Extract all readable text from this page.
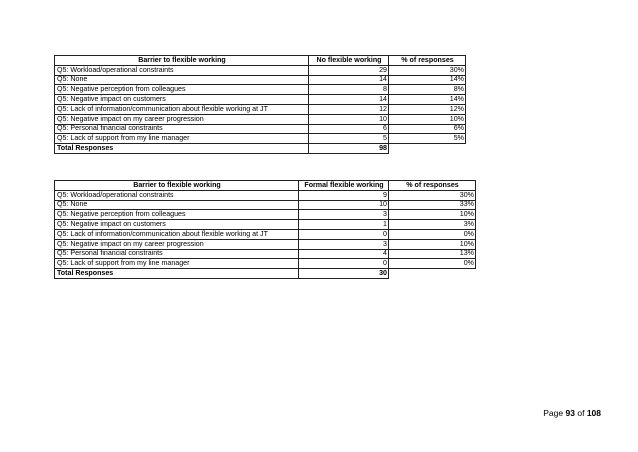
Barrier to flexible working	No flexible working	% of responses
Q5: Workload/operational constraints	29	30%
Q5: None	14	14%
Q5: Negative perception from colleagues	8	8%
Q5: Negative impact on customers	14	14%
Q5: Lack of information/communication about flexible working at JT	12	12%
Q5: Negative impact on my career progression	10	10%
Q5: Personal financial constraints	6	6%
Q5: Lack of support from my line manager	5	5%
Total Responses	98	
Barrier to flexible working	Formal flexible working	% of responses
Q5: Workload/operational constraints	9	30%
Q5: None	10	33%
Q5: Negative perception from colleagues	3	10%
Q5: Negative impact on customers	1	3%
Q5: Lack of information/communication about flexible working at JT	0	0%
Q5: Negative impact on my career progression	3	10%
Q5: Personal financial constraints	4	13%
Q5: Lack of support from my line manager	0	0%
Total Responses	30	
Page 93 of 108
